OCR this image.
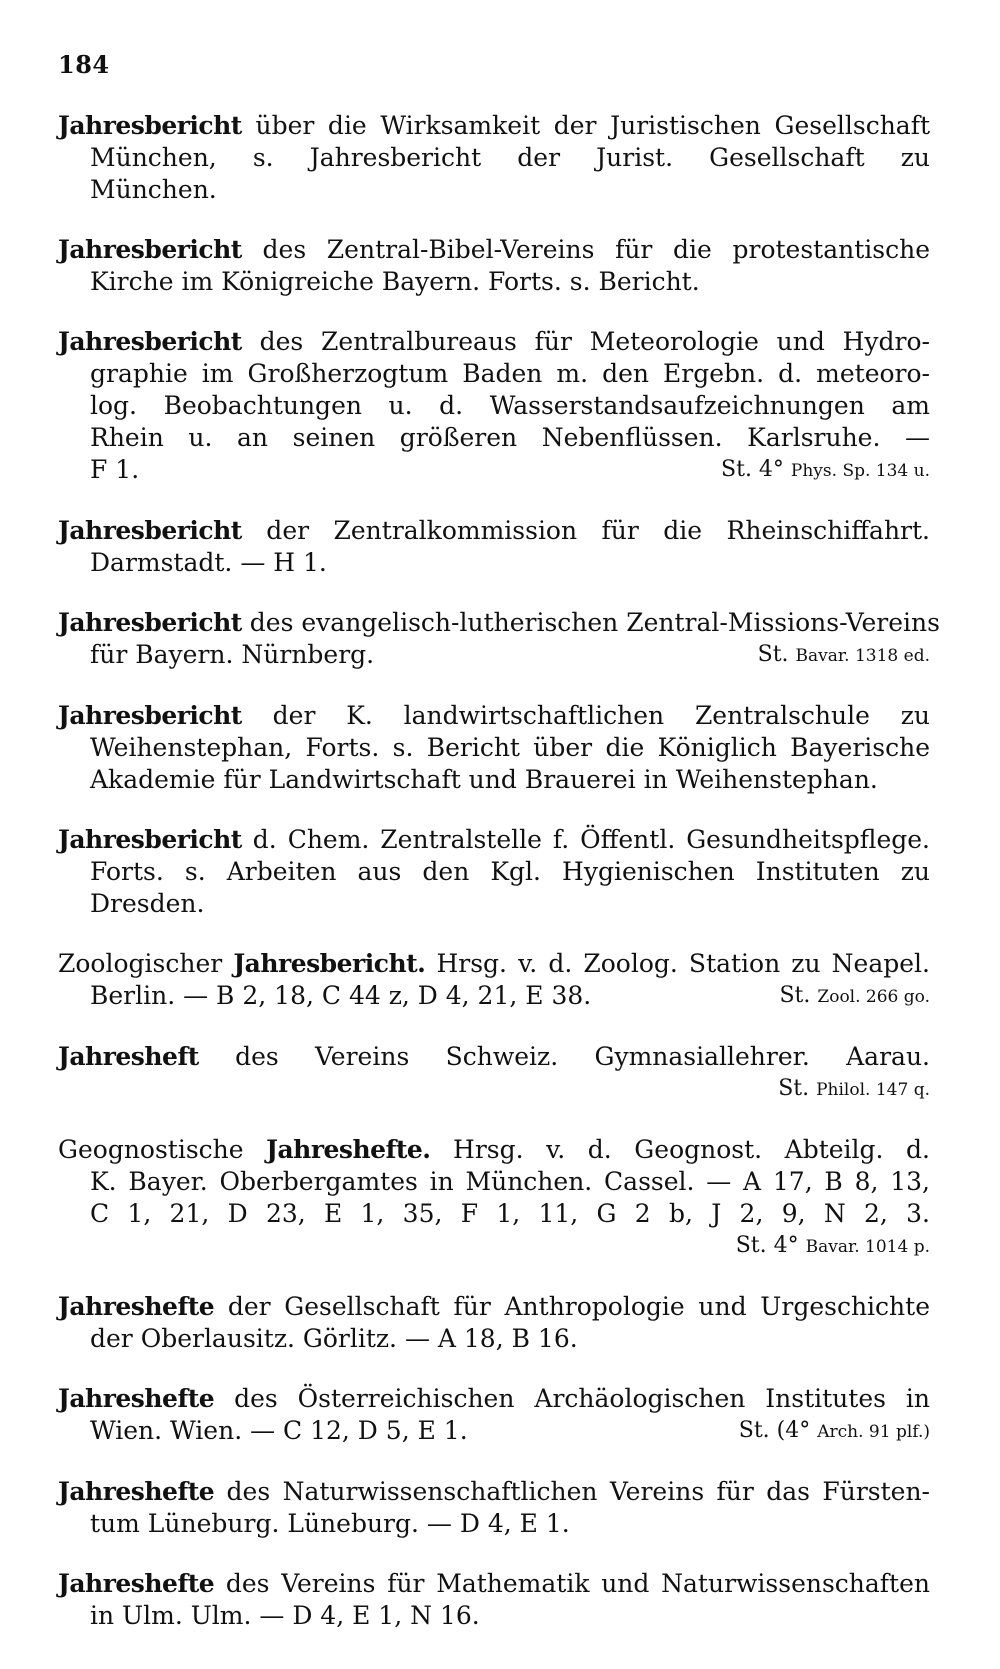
184
Jahresbericht über die Wirksamkeit der Juristischen Gesellschaft
München, s. Jahresbericht der Jurist. Gesellschaft zu
München.
Jahresbericht des Zentral-Bibel-Vereins für die protestantische
Kirche im Königreiche Bayern. Forts. s. Bericht.
Jahresbericht des Zentralbureaus für Meteorologie und Hydro-
graphie im Großherzogtum Baden m. den Ergebn. d. meteoro-
log. Beobachtungen u. d. Wasserstandsaufzeichnungen am
Rhein u. an seinen größeren Nebenflüssen. Karlsruhe. —
F 1.	St. 4° Phys. Sp. 134 u.
Jahresbericht der Zentralkommission für die Rheinschiffahrt.
Darmstadt. — H 1.
Jahresbericht des evangelisch-lutherischen Zentral-Missions-Vereins
für Bayern. Nürnberg.	St. Bavar. 1318 ed.
Jahresbericht der K. landwirtschaftlichen Zentralschule zu
Weihenstephan, Forts. s. Bericht über die Königlich Bayerische
Akademie für Landwirtschaft und Brauerei in Weihenstephan.
Jahresbericht d. Chem. Zentralstelle f. Öffentl. Gesundheitspflege.
Forts. s. Arbeiten aus den Kgl. Hygienischen Instituten zu
Dresden.
Zoologischer Jahresbericht. Hrsg. v. d. Zoolog. Station zu Neapel.
Berlin. — B 2, 18, C 44 z, D 4, 21, E 38.	St. Zool. 266 go.
Jahresheft des Vereins Schweiz. Gymnasiallehrer. Aarau.
St. Philol. 147 q.
Geognostische Jahreshefte. Hrsg. v. d. Geognost. Abteilg. d.
K. Bayer. Oberbergamtes in München. Cassel. — A 17, B 8, 13,
C 1, 21, D 23, E 1, 35, F 1, 11, G 2 b, J 2, 9, N 2, 3.
St. 4° Bavar. 1014 p.
Jahreshefte der Gesellschaft für Anthropologie und Urgeschichte
der Oberlausitz. Görlitz. — A 18, B 16.
Jahreshefte des Österreichischen Archäologischen Institutes in
Wien. Wien. — C 12, D 5, E 1.	St. (4° Arch. 91 plf.)
Jahreshefte des Naturwissenschaftlichen Vereins für das Fürsten-
tum Lüneburg. Lüneburg. — D 4, E 1.
Jahreshefte des Vereins für Mathematik und Naturwissenschaften
in Ulm. Ulm. — D 4, E 1, N 16.
